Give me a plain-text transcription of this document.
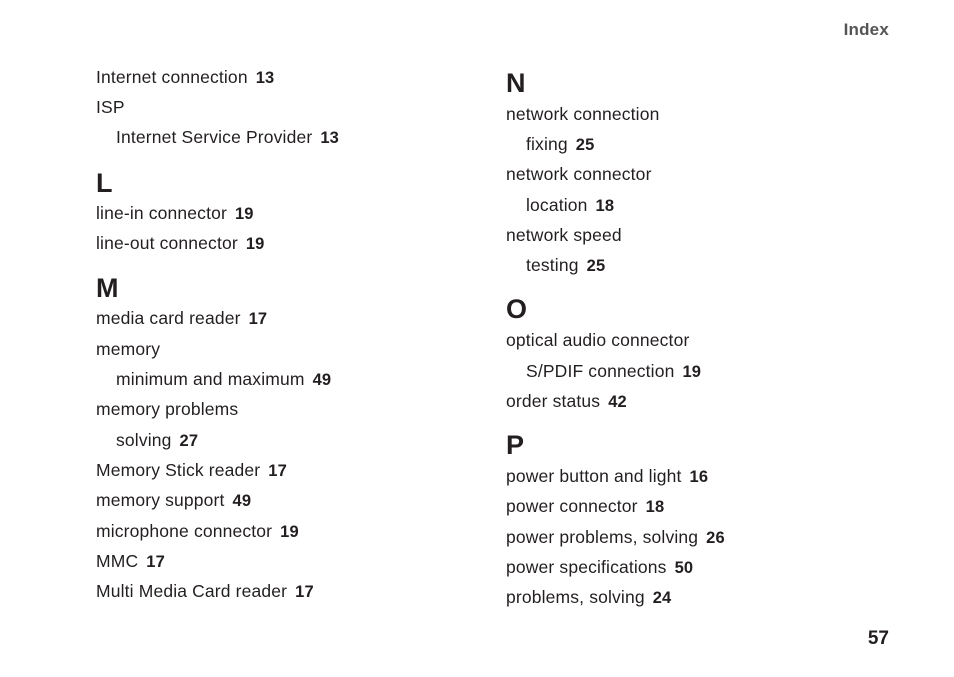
Index
Internet connection 13
ISP
Internet Service Provider 13
L
line-in connector 19
line-out connector 19
M
media card reader 17
memory
minimum and maximum 49
memory problems
solving 27
Memory Stick reader 17
memory support 49
microphone connector 19
MMC 17
Multi Media Card reader 17
N
network connection
fixing 25
network connector
location 18
network speed
testing 25
O
optical audio connector
S/PDIF connection 19
order status 42
P
power button and light 16
power connector 18
power problems, solving 26
power specifications 50
problems, solving 24
57
